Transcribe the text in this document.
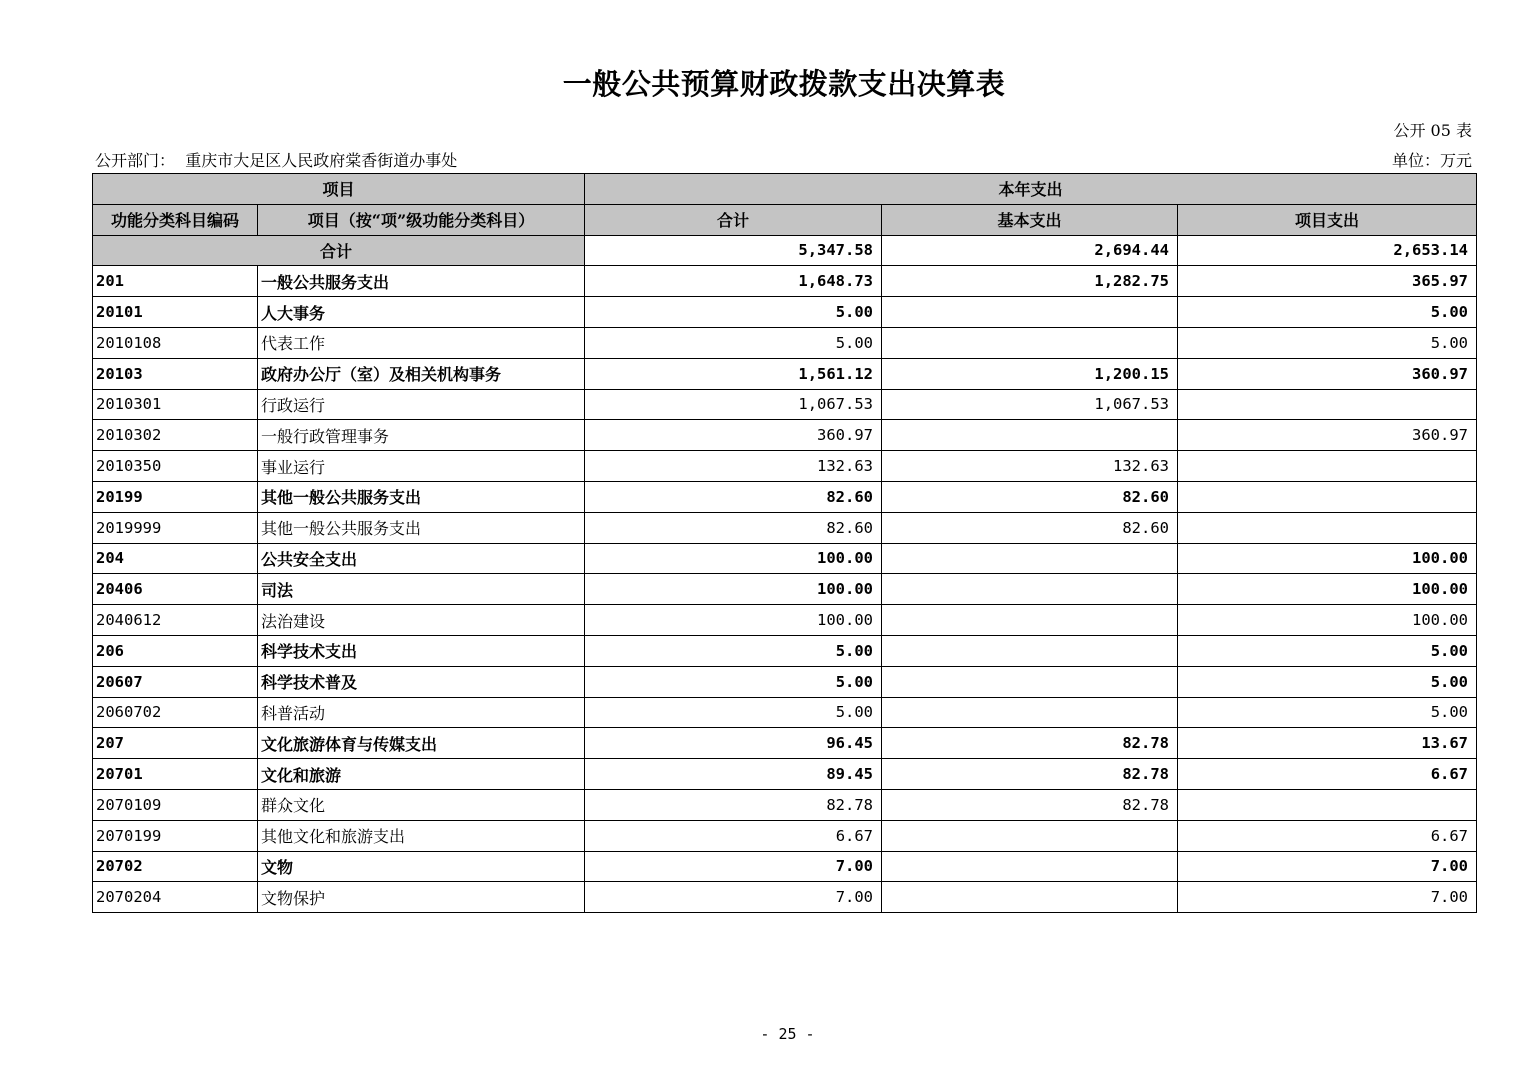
一般公共预算财政拨款支出决算表
公开 05 表
公开部门： 重庆市大足区人民政府棠香街道办事处	单位：万元
项目		本年支出		
功能分类科目编码	项目（按“项”级功能分类科目）	合计	基本支出	项目支出
合计		5,347.58	2,694.44	2,653.14
201	一般公共服务支出	1,648.73	1,282.75	365.97
20101	人大事务	5.00		5.00
2010108	代表工作	5.00		5.00
20103	政府办公厅（室）及相关机构事务	1,561.12	1,200.15	360.97
2010301	行政运行	1,067.53	1,067.53	
2010302	一般行政管理事务	360.97		360.97
2010350	事业运行	132.63	132.63	
20199	其他一般公共服务支出	82.60	82.60	
2019999	其他一般公共服务支出	82.60	82.60	
204	公共安全支出	100.00		100.00
20406	司法	100.00		100.00
2040612	法治建设	100.00		100.00
206	科学技术支出	5.00		5.00
20607	科学技术普及	5.00		5.00
2060702	科普活动	5.00		5.00
207	文化旅游体育与传媒支出	96.45	82.78	13.67
20701	文化和旅游	89.45	82.78	6.67
2070109	群众文化	82.78	82.78	
2070199	其他文化和旅游支出	6.67		6.67
20702	文物	7.00		7.00
2070204	文物保护	7.00		7.00
- 25 -
